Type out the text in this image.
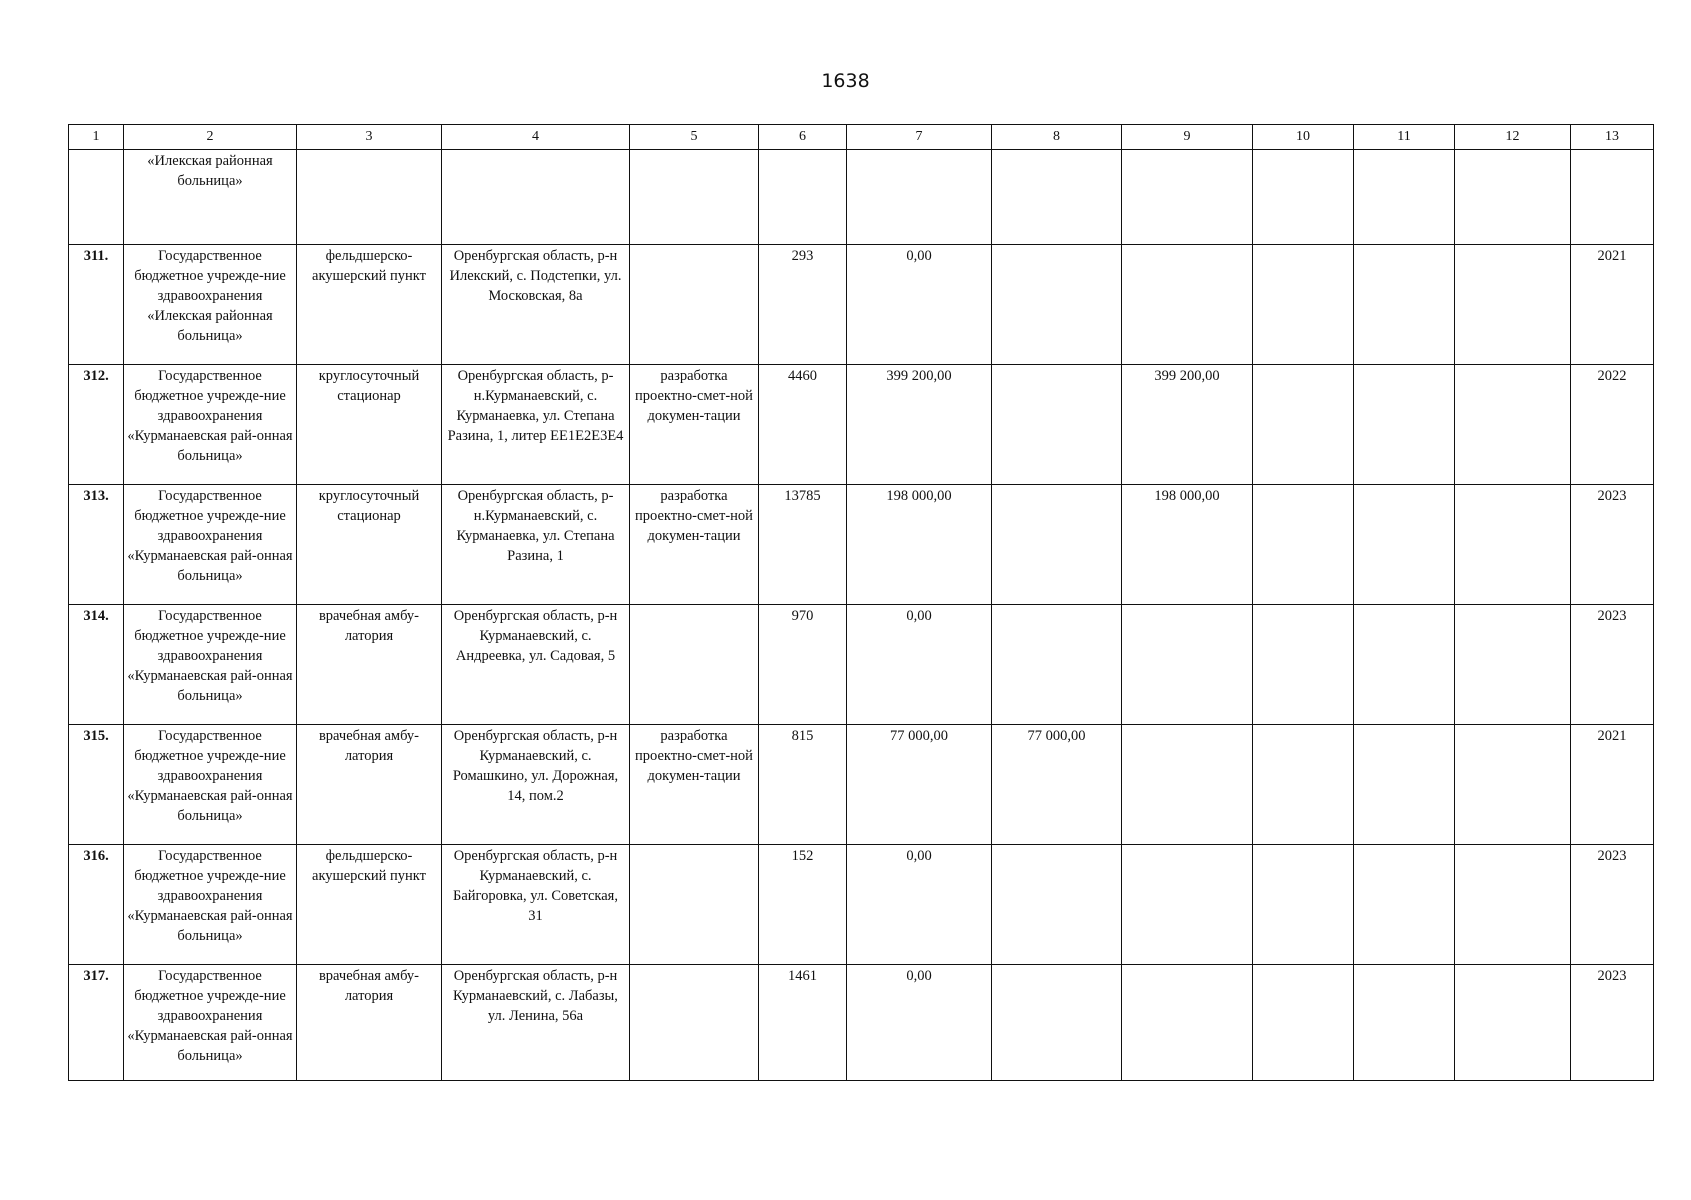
1638
1	2	3	4	5	6	7	8	9	10	11	12	13
	«Илекская районная больница»											
311.	Государственное бюджетное учрежде-ние здравоохранения «Илекская районная больница»	фельдшерско-акушерский пункт	Оренбургская область, р-н Илекский, с. Подстепки, ул. Московская, 8а		293	0,00						2021
312.	Государственное бюджетное учрежде-ние здравоохранения «Курманаевская рай-онная больница»	круглосуточный стационар	Оренбургская область, р-н.Курманаевский, с. Курманаевка, ул. Степана Разина, 1, литер ЕЕ1Е2Е3Е4	разработка проектно-смет-ной докумен-тации	4460	399 200,00		399 200,00				2022
313.	Государственное бюджетное учрежде-ние здравоохранения «Курманаевская рай-онная больница»	круглосуточный стационар	Оренбургская область, р-н.Курманаевский, с. Курманаевка, ул. Степана Разина, 1	разработка проектно-смет-ной докумен-тации	13785	198 000,00		198 000,00				2023
314.	Государственное бюджетное учрежде-ние здравоохранения «Курманаевская рай-онная больница»	врачебная амбу-латория	Оренбургская область, р-н Курманаевский, с. Андреевка, ул. Садовая, 5		970	0,00						2023
315.	Государственное бюджетное учрежде-ние здравоохранения «Курманаевская рай-онная больница»	врачебная амбу-латория	Оренбургская область, р-н Курманаевский, с. Ромашкино, ул. Дорожная, 14, пом.2	разработка проектно-смет-ной докумен-тации	815	77 000,00	77 000,00					2021
316.	Государственное бюджетное учрежде-ние здравоохранения «Курманаевская рай-онная больница»	фельдшерско-акушерский пункт	Оренбургская область, р-н Курманаевский, с. Байгоровка, ул. Советская, 31		152	0,00						2023
317.	Государственное бюджетное учрежде-ние здравоохранения «Курманаевская рай-онная больница»	врачебная амбу-латория	Оренбургская область, р-н Курманаевский, с. Лабазы, ул. Ленина, 56а		1461	0,00						2023
